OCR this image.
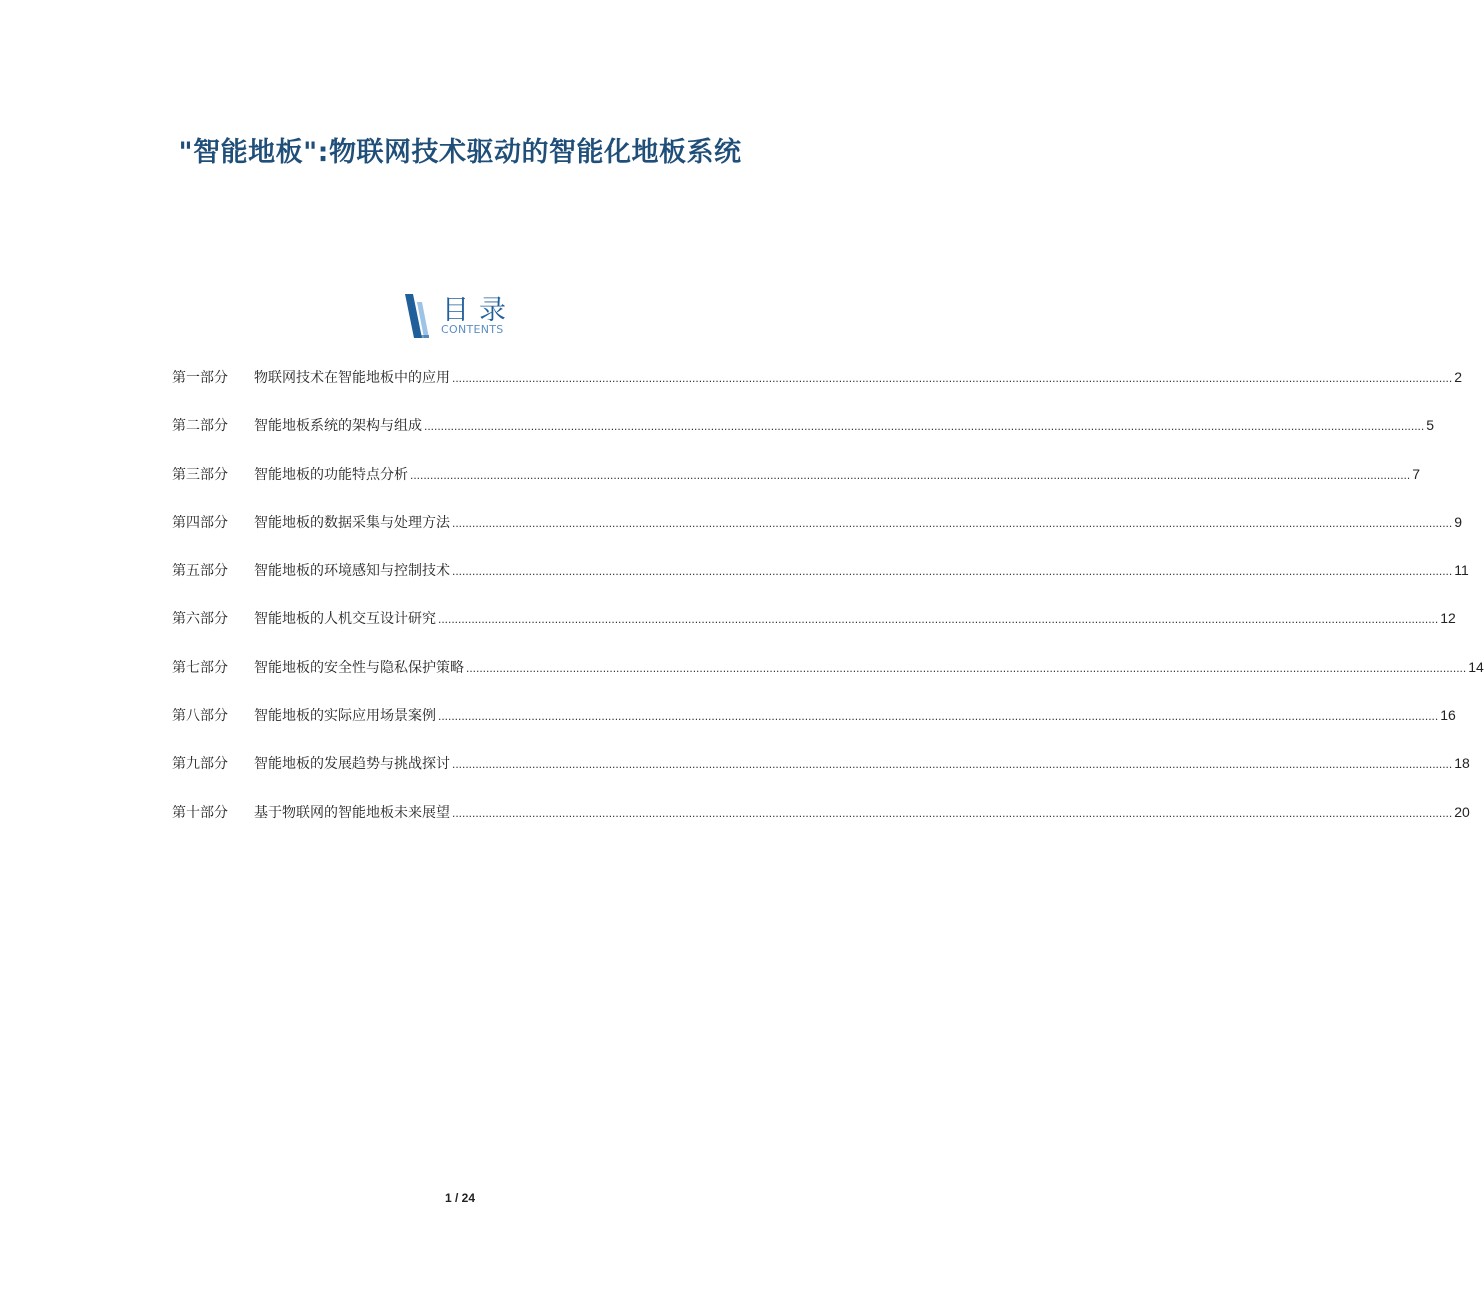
"智能地板":物联网技术驱动的智能化地板系统
目录
CONTENTS
第一部分	物联网技术在智能地板中的应用 ............................................................................................................................................................................................................................................................................................................ 2
第二部分	智能地板系统的架构与组成 ............................................................................................................................................................................................................................................................................................................ 5
第三部分	智能地板的功能特点分析 ............................................................................................................................................................................................................................................................................................................ 7
第四部分	智能地板的数据采集与处理方法 ............................................................................................................................................................................................................................................................................................................ 9
第五部分	智能地板的环境感知与控制技术 ............................................................................................................................................................................................................................................................................................................ 11
第六部分	智能地板的人机交互设计研究 ............................................................................................................................................................................................................................................................................................................ 12
第七部分	智能地板的安全性与隐私保护策略 ............................................................................................................................................................................................................................................................................................................ 14
第八部分	智能地板的实际应用场景案例 ............................................................................................................................................................................................................................................................................................................ 16
第九部分	智能地板的发展趋势与挑战探讨 ............................................................................................................................................................................................................................................................................................................ 18
第十部分	基于物联网的智能地板未来展望 ............................................................................................................................................................................................................................................................................................................ 20
1 / 24
